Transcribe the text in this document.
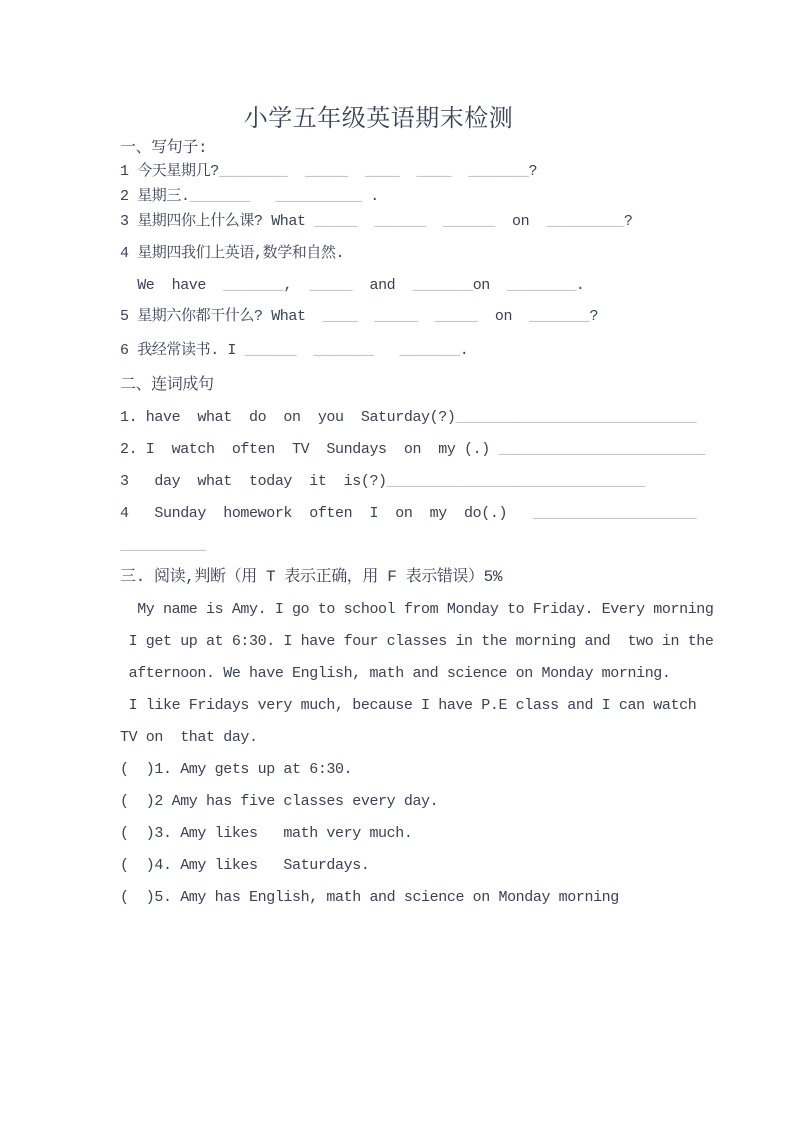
小学五年级英语期末检测
一、写句子:
1 今天星期几?________ _____ ____ ____ _______?
2 星期三._______ __________ .
3 星期四你上什么课? What _____ ______ ______  on  _________?
4 星期四我们上英语,数学和自然.
We  have  _______,  _____  and  _______on  ________.
5 星期六你都干什么? What  ____ _____ _____  on  _______?
6 我经常读书. I ______ _______ _______.
二、连词成句
1. have  what  do  on  you  Saturday(?)____________________________
2. I  watch  often  TV  Sundays  on  my (.) ________________________
3   day  what  today  it  is(?)______________________________
4   Sunday  homework  often  I  on  my  do(.)   ___________________
__________
三. 阅读,判断（用 T 表示正确，用 F 表示错误）5%
My name is Amy. I go to school from Monday to Friday. Every morning
I get up at 6:30. I have four classes in the morning and  two in the
afternoon. We have English, math and science on Monday morning.
I like Fridays very much, because I have P.E class and I can watch
TV on  that day.
(  )1. Amy gets up at 6:30.
(  )2 Amy has five classes every day.
(  )3. Amy likes   math very much.
(  )4. Amy likes   Saturdays.
(  )5. Amy has English, math and science on Monday morning
